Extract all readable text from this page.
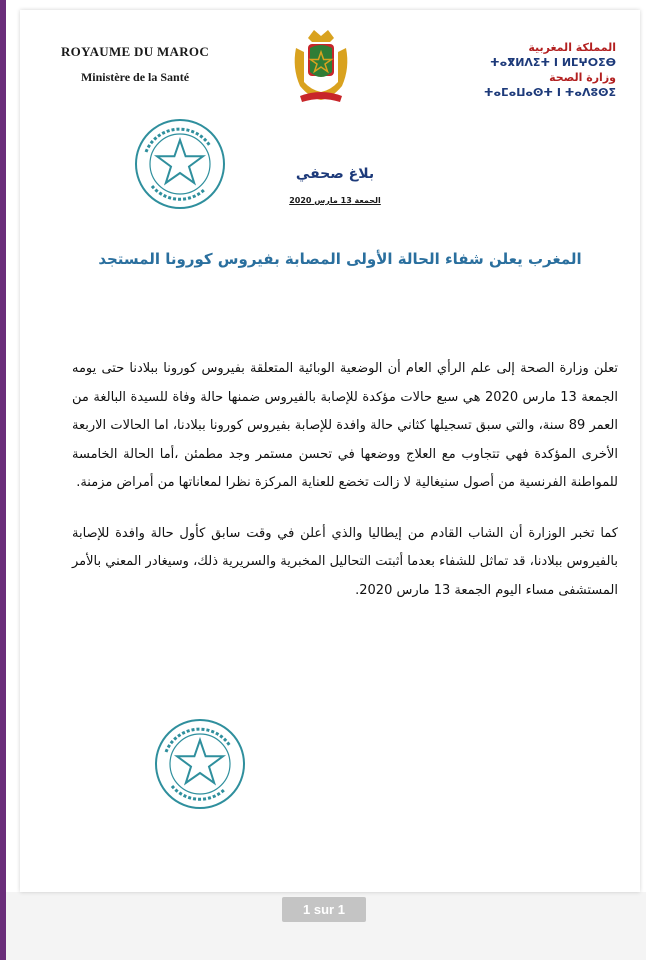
ROYAUME DU MAROC
Ministère de la Santé
المملكة المغربية
ⵜⴰⴳⵍⴷⵉⵜ ⵏ ⵍⵎⵖⵔⵉⴱ
وزارة الصحة
ⵜⴰⵎⴰⵡⴰⵙⵜ ⵏ ⵜⴰⴷⵓⵙⵉ
بلاغ صحفي
الجمعة 13 مارس 2020
المغرب يعلن شفاء الحالة الأولى المصابة بفيروس كورونا المستجد

تعلن وزارة الصحة إلى علم الرأي العام أن الوضعية الوبائية المتعلقة بفيروس كورونا ببلادنا حتى يومه الجمعة 13 مارس 2020 هي سبع حالات مؤكدة للإصابة بالفيروس ضمنها حالة وفاة للسيدة البالغة من العمر 89 سنة، والتي سبق تسجيلها كثاني حالة وافدة للإصابة بفيروس كورونا ببلادنا، اما الحالات الاربعة الأخرى المؤكدة فهي تتجاوب مع العلاج ووضعها في تحسن مستمر وجد مطمئن ،أما الحالة الخامسة للمواطنة الفرنسية من أصول سنيغالية لا زالت تخضع للعناية المركزة نظرا لمعاناتها من أمراض مزمنة.

كما تخبر الوزارة أن الشاب القادم من إيطاليا والذي أعلن في وقت سابق كأول حالة وافدة للإصابة بالفيروس ببلادنا، قد تماثل للشفاء بعدما أثبتت التحاليل المخبرية والسريرية ذلك، وسيغادر المعني بالأمر المستشفى مساء اليوم الجمعة 13 مارس 2020.

1 sur 1
